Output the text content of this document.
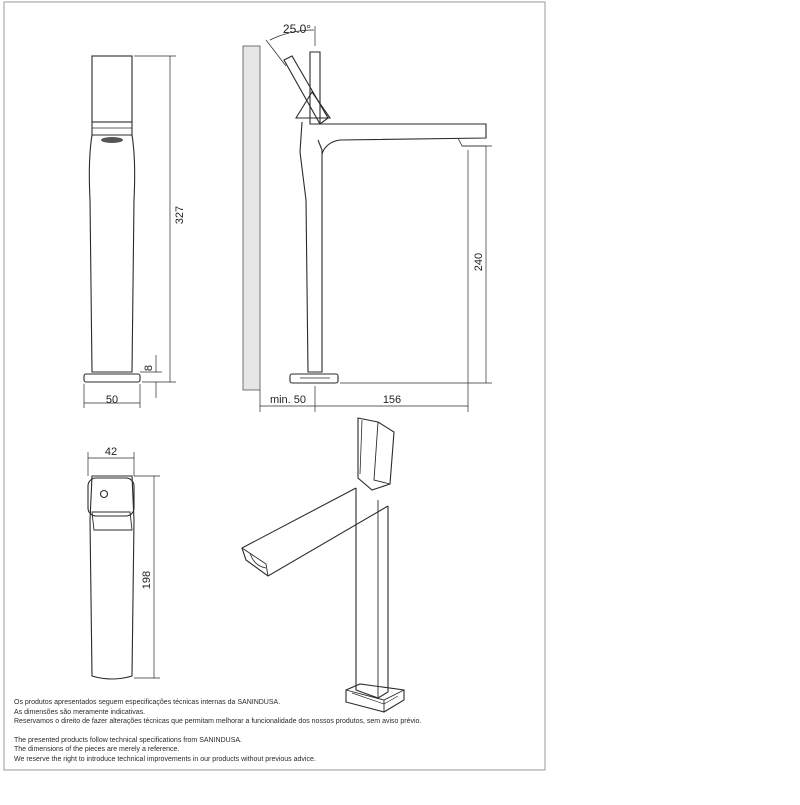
327
8
50
25.0°
240
min. 50	156
42
198

Os produtos apresentados seguem especificações técnicas internas da SANINDUSA.

As dimensões são meramente indicativas.

Reservamos o direito de fazer alterações técnicas que permitam melhorar a funcionalidade dos nossos produtos, sem aviso prévio.

The presented products follow technical specifications from SANINDUSA.

The dimensions of the pieces are merely a reference.

We reserve the right to introduce technical improvements in our products without previous advice.
